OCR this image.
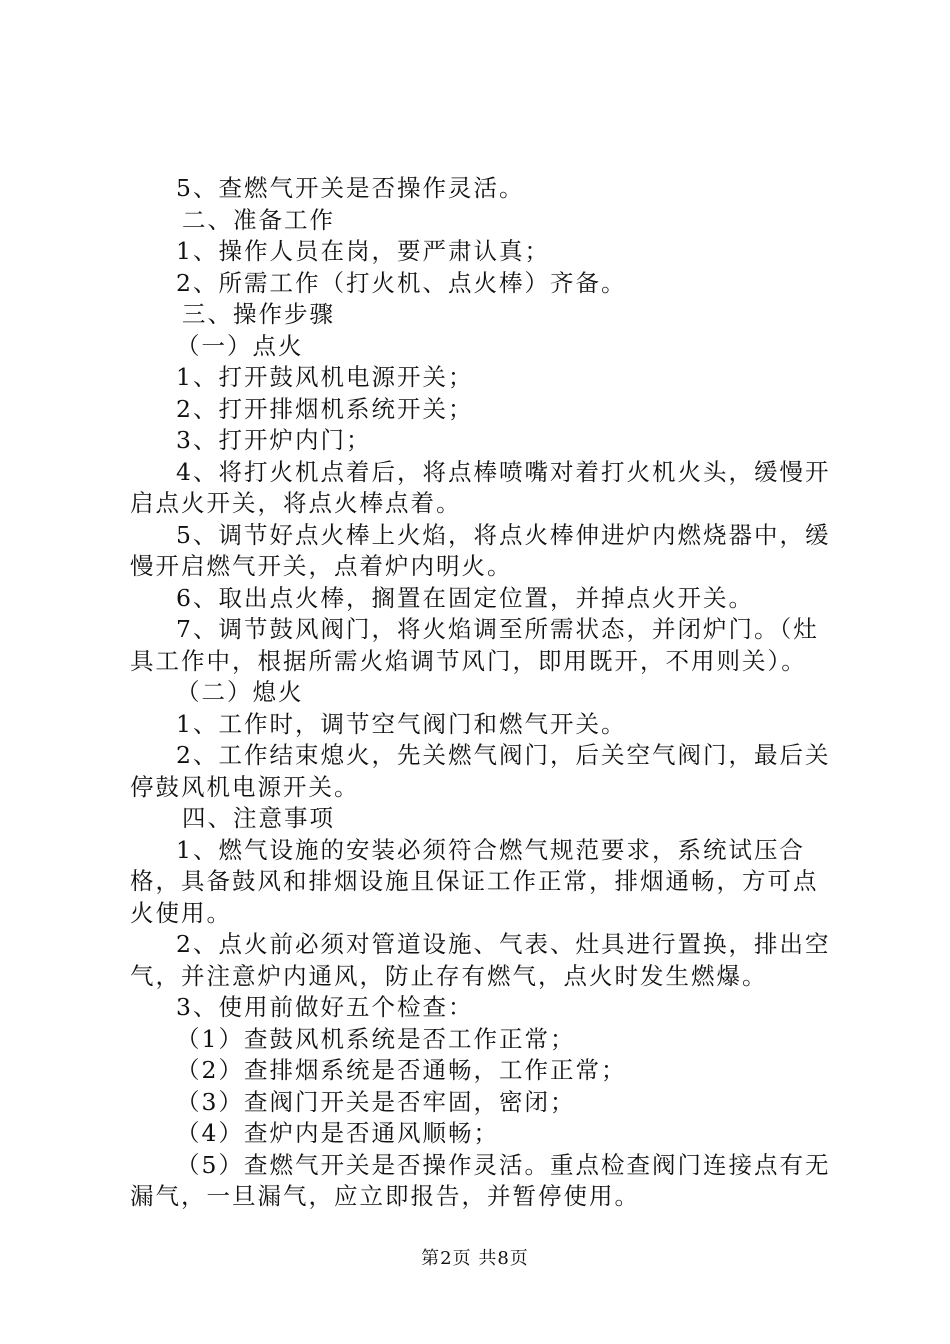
5、查燃气开关是否操作灵活。

二、准备工作

1、操作人员在岗，要严肃认真；

2、所需工作（打火机、点火棒）齐备。

三、操作步骤

（一）点火

1、打开鼓风机电源开关；

2、打开排烟机系统开关；

3、打开炉内门；

4、将打火机点着后，将点棒喷嘴对着打火机火头，缓慢开启点火开关，将点火棒点着。

5、调节好点火棒上火焰，将点火棒伸进炉内燃烧器中，缓慢开启燃气开关，点着炉内明火。

6、取出点火棒，搁置在固定位置，并掉点火开关。

7、调节鼓风阀门，将火焰调至所需状态，并闭炉门。（灶具工作中，根据所需火焰调节风门，即用既开，不用则关）。

（二）熄火

1、工作时，调节空气阀门和燃气开关。

2、工作结束熄火，先关燃气阀门，后关空气阀门，最后关停鼓风机电源开关。

四、注意事项

1、燃气设施的安装必须符合燃气规范要求，系统试压合格，具备鼓风和排烟设施且保证工作正常，排烟通畅，方可点火使用。

2、点火前必须对管道设施、气表、灶具进行置换，排出空气，并注意炉内通风，防止存有燃气，点火时发生燃爆。

3、使用前做好五个检查：

（1）查鼓风机系统是否工作正常；

（2）查排烟系统是否通畅，工作正常；

（3）查阀门开关是否牢固，密闭；

（4）查炉内是否通风顺畅；

（5）查燃气开关是否操作灵活。重点检查阀门连接点有无漏气，一旦漏气，应立即报告，并暂停使用。

第2页 共8页
